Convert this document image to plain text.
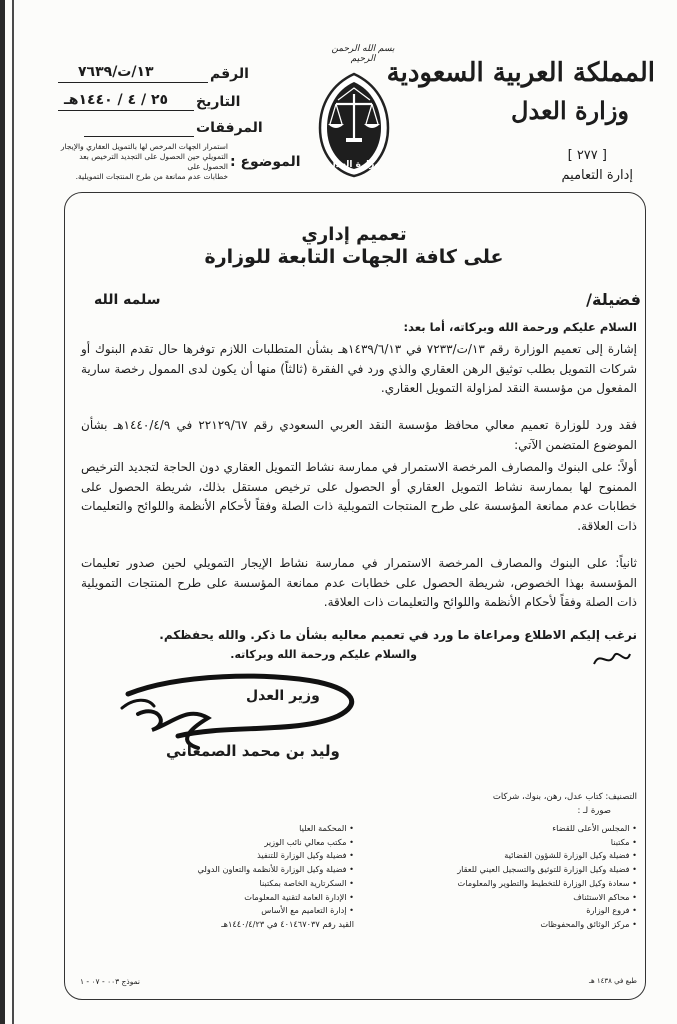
المملكة العربية السعودية
وزارة العدل
[ ٢٧٧ ]
إدارة التعاميم
بسم الله الرحمن الرحيم
وزارة العدل
الرقم
١٣/ت/٧٦٣٩
التاريخ
٢٥ / ٤ / ١٤٤٠هـ
المرفقات
الموضوع :
استمرار الجهات المرخص لها بالتمويل العقاري والإيجار
التمويلي حين الحصول على التجديد الترخيص بعد الحصول على
خطابات عدم ممانعة من طرح المنتجات التمويلية.
تعميم إداري
على كافة الجهات التابعة للوزارة
فضيلة/
سلمه الله
السلام عليكم ورحمة الله وبركاته، أما بعد:
إشارة إلى تعميم الوزارة رقم ١٣/ت/٧٢٣٣ في ١٤٣٩/٦/١٣هـ بشأن المتطلبات اللازم توفرها حال تقدم البنوك أو شركات التمويل بطلب توثيق الرهن العقاري والذي ورد في الفقرة (ثالثاً) منها أن يكون لدى الممول رخصة سارية المفعول من مؤسسة النقد لمزاولة التمويل العقاري.
فقد ورد للوزارة تعميم معالي محافظ مؤسسة النقد العربي السعودي رقم ٢٢١٢٩/٦٧ في ١٤٤٠/٤/٩هـ بشأن الموضوع المتضمن الآتي:
أولاً: على البنوك والمصارف المرخصة الاستمرار في ممارسة نشاط التمويل العقاري دون الحاجة لتجديد الترخيص الممنوح لها بممارسة نشاط التمويل العقاري أو الحصول على ترخيص مستقل بذلك، شريطة الحصول على خطابات عدم ممانعة المؤسسة على طرح المنتجات التمويلية ذات الصلة وفقاً لأحكام الأنظمة واللوائح والتعليمات ذات العلاقة.
ثانياً: على البنوك والمصارف المرخصة الاستمرار في ممارسة نشاط الإيجار التمويلي لحين صدور تعليمات المؤسسة بهذا الخصوص، شريطة الحصول على خطابات عدم ممانعة المؤسسة على طرح المنتجات التمويلية ذات الصلة وفقاً لأحكام الأنظمة واللوائح والتعليمات ذات العلاقة.
نرغب إليكم الاطلاع ومراعاة ما ورد في تعميم معاليه بشأن ما ذكر. والله يحفظكم.
والسلام عليكم ورحمة الله وبركاته.
وزير العدل
وليد بن محمد الصمعاني
التصنيف: كتاب عدل، رهن، بنوك، شركات
صورة لـ :
• المجلس الأعلى للقضاء
• مكتبنا
• فضيلة وكيل الوزارة للشؤون القضائية
• فضيلة وكيل الوزارة للتوثيق والتسجيل العيني للعقار
• سعادة وكيل الوزارة للتخطيط والتطوير والمعلومات
• محاكم الاستئناف
• فروع الوزارة
• مركز الوثائق والمحفوظات
• المحكمة العليا
• مكتب معالي نائب الوزير
• فضيلة وكيل الوزارة للتنفيذ
• فضيلة وكيل الوزارة للأنظمة والتعاون الدولي
• السكرتارية الخاصة بمكتبنا
• الإدارة العامة لتقنية المعلومات
• إدارة التعاميم مع الأساس
القيد رقم ٤٠١٤٦٧٠٣٧ في ١٤٤٠/٤/٢٣هـ
طبع في ١٤٣٨ هـ
نموذج ٠٠٣ - ٠٧ - ١
